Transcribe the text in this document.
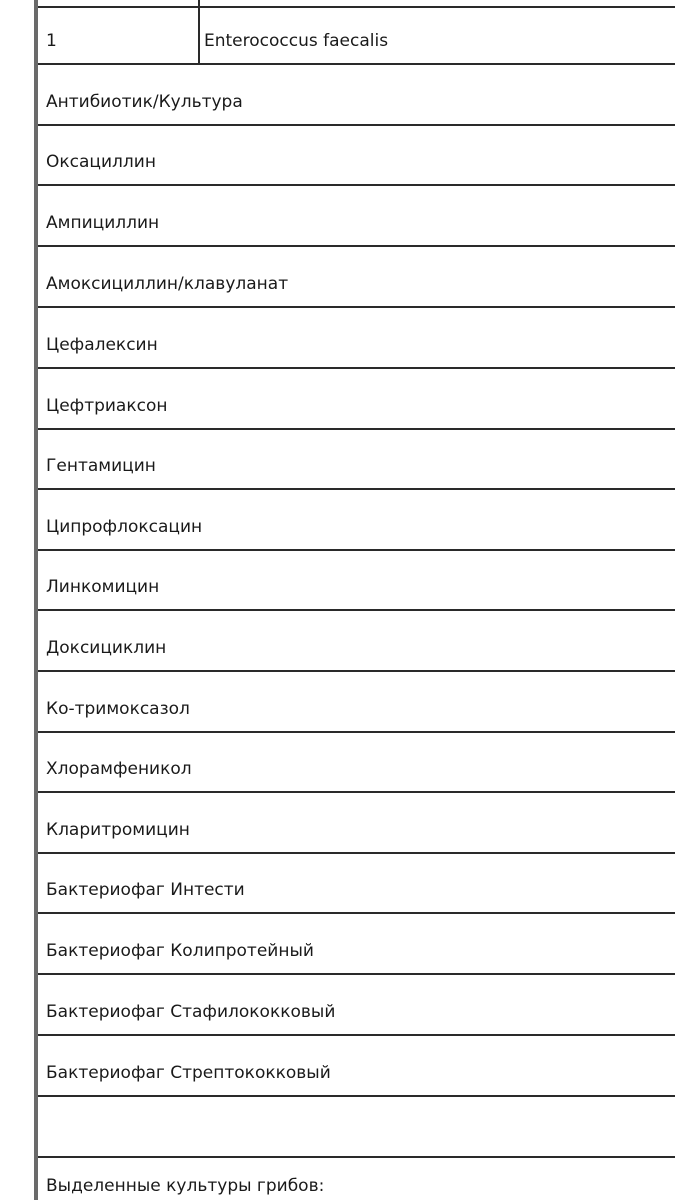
1	Enterococcus faecalis
Антибиотик/Культура
Оксациллин
Ампициллин
Амоксициллин/клавуланат
Цефалексин
Цефтриаксон
Гентамицин
Ципрофлоксацин
Линкомицин
Доксициклин
Ко-тримоксазол
Хлорамфеникол
Кларитромицин
Бактериофаг Интести
Бактериофаг Колипротейный
Бактериофаг Стафилококковый
Бактериофаг Стрептококковый
Выделенные культуры грибов:
